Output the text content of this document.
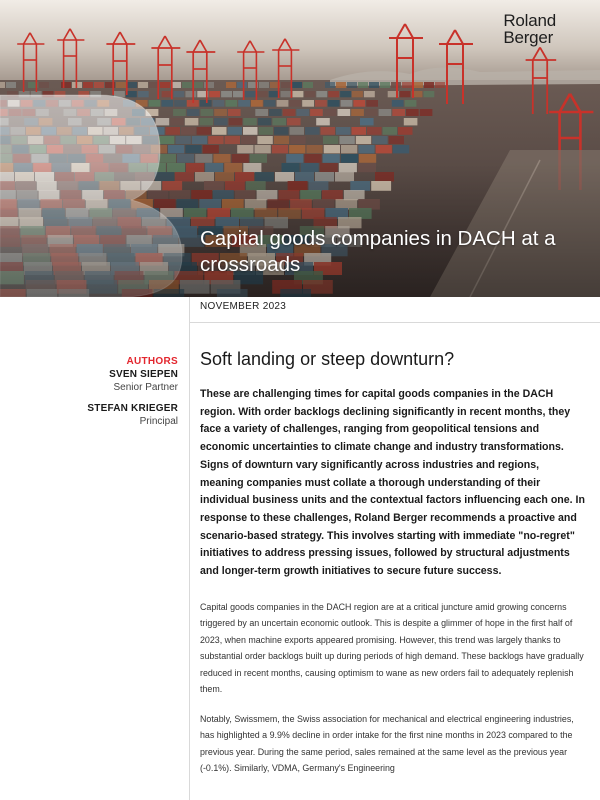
Roland
Berger
Capital goods companies in DACH at a crossroads
NOVEMBER 2023
AUTHORS
SVEN SIEPEN
Senior Partner
STEFAN KRIEGER
Principal
Soft landing or steep downturn?

These are challenging times for capital goods companies in the DACH region. With order backlogs declining significantly in recent months, they face a variety of challenges, ranging from geopolitical tensions and economic uncertainties to climate change and industry transformations. Signs of downturn vary significantly across industries and regions, meaning companies must collate a thorough understanding of their individual business units and the contextual factors influencing each one. In response to these challenges, Roland Berger recommends a proactive and scenario-based strategy. This involves starting with immediate "no-regret" initiatives to address pressing issues, followed by structural adjustments and longer-term growth initiatives to secure future success.

Capital goods companies in the DACH region are at a critical juncture amid growing concerns triggered by an uncertain economic outlook. This is despite a glimmer of hope in the first half of 2023, when machine exports appeared promising. However, this trend was largely thanks to substantial order backlogs built up during periods of high demand. These backlogs have gradually reduced in recent months, causing optimism to wane as new orders fail to adequately replenish them.

Notably, Swissmem, the Swiss association for mechanical and electrical engineering industries, has highlighted a 9.9% decline in order intake for the first nine months in 2023 compared to the previous year. During the same period, sales remained at the same level as the previous year (-0.1%). Similarly, VDMA, Germany's Engineering
